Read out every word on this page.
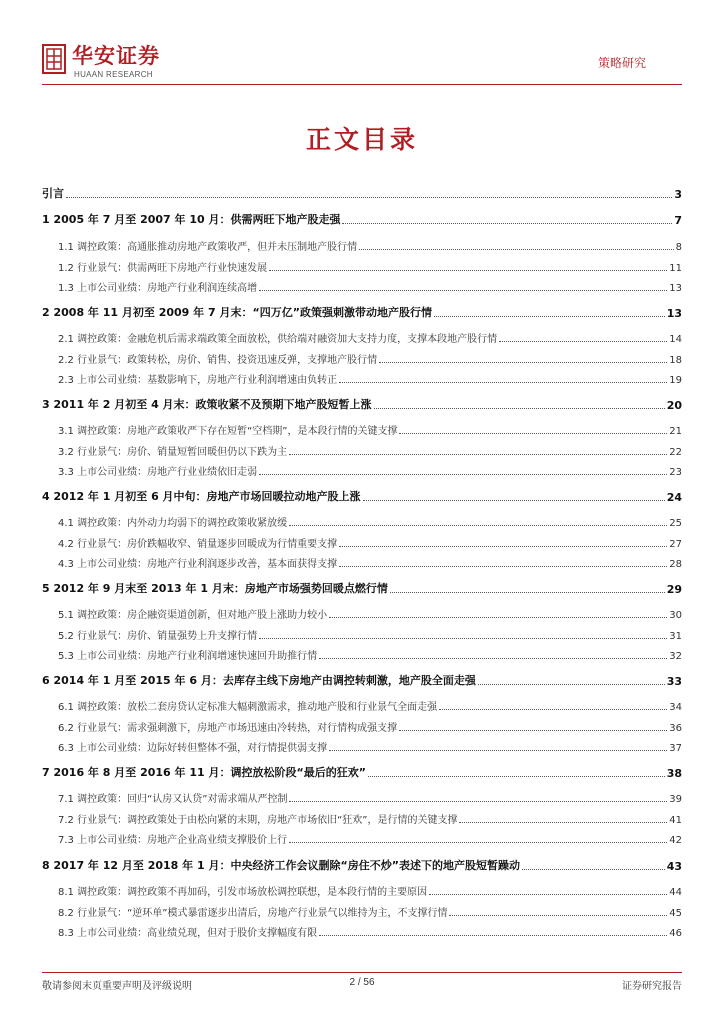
华安证券
HUAAN RESEARCH
策略研究
正文目录
引言	3
1 2005 年 7 月至 2007 年 10 月：供需两旺下地产股走强	7
1.1 调控政策：高通胀推动房地产政策收严，但并未压制地产股行情	8
1.2 行业景气：供需两旺下房地产行业快速发展	11
1.3 上市公司业绩：房地产行业利润连续高增	13
2 2008 年 11 月初至 2009 年 7 月末：“四万亿”政策强刺激带动地产股行情	13
2.1 调控政策：金融危机后需求端政策全面放松，供给端对融资加大支持力度，支撑本段地产股行情	14
2.2 行业景气：政策转松，房价、销售、投资迅速反弹，支撑地产股行情	18
2.3 上市公司业绩：基数影响下，房地产行业利润增速由负转正	19
3 2011 年 2 月初至 4 月末：政策收紧不及预期下地产股短暂上涨	20
3.1 调控政策：房地产政策收严下存在短暂“空档期”，是本段行情的关键支撑	21
3.2 行业景气：房价、销量短暂回暖但仍以下跌为主	22
3.3 上市公司业绩：房地产行业业绩依旧走弱	23
4 2012 年 1 月初至 6 月中旬：房地产市场回暖拉动地产股上涨	24
4.1 调控政策：内外动力均弱下的调控政策收紧放缓	25
4.2 行业景气：房价跌幅收窄、销量逐步回暖成为行情重要支撑	27
4.3 上市公司业绩：房地产行业利润逐步改善，基本面获得支撑	28
5 2012 年 9 月末至 2013 年 1 月末：房地产市场强势回暖点燃行情	29
5.1 调控政策：房企融资渠道创新，但对地产股上涨助力较小	30
5.2 行业景气：房价、销量强势上升支撑行情	31
5.3 上市公司业绩：房地产行业利润增速快速回升助推行情	32
6 2014 年 1 月至 2015 年 6 月：去库存主线下房地产由调控转刺激，地产股全面走强	33
6.1 调控政策：放松二套房贷认定标准大幅刺激需求，推动地产股和行业景气全面走强	34
6.2 行业景气：需求强刺激下，房地产市场迅速由冷转热，对行情构成强支撑	36
6.3 上市公司业绩：边际好转但整体不强，对行情提供弱支撑	37
7 2016 年 8 月至 2016 年 11 月：调控放松阶段“最后的狂欢”	38
7.1 调控政策：回归“认房又认贷”对需求端从严控制	39
7.2 行业景气：调控政策处于由松向紧的末期，房地产市场依旧“狂欢”，是行情的关键支撑	41
7.3 上市公司业绩：房地产企业高业绩支撑股价上行	42
8 2017 年 12 月至 2018 年 1 月：中央经济工作会议删除“房住不炒”表述下的地产股短暂躁动	43
8.1 调控政策：调控政策不再加码，引发市场放松调控联想，是本段行情的主要原因	44
8.2 行业景气：“逆环单”模式暴雷逐步出清后，房地产行业景气以维持为主，不支撑行情	45
8.3 上市公司业绩：高业绩兑现，但对于股价支撑幅度有限	46
敬请参阅末页重要声明及评级说明	2 / 56	证券研究报告
